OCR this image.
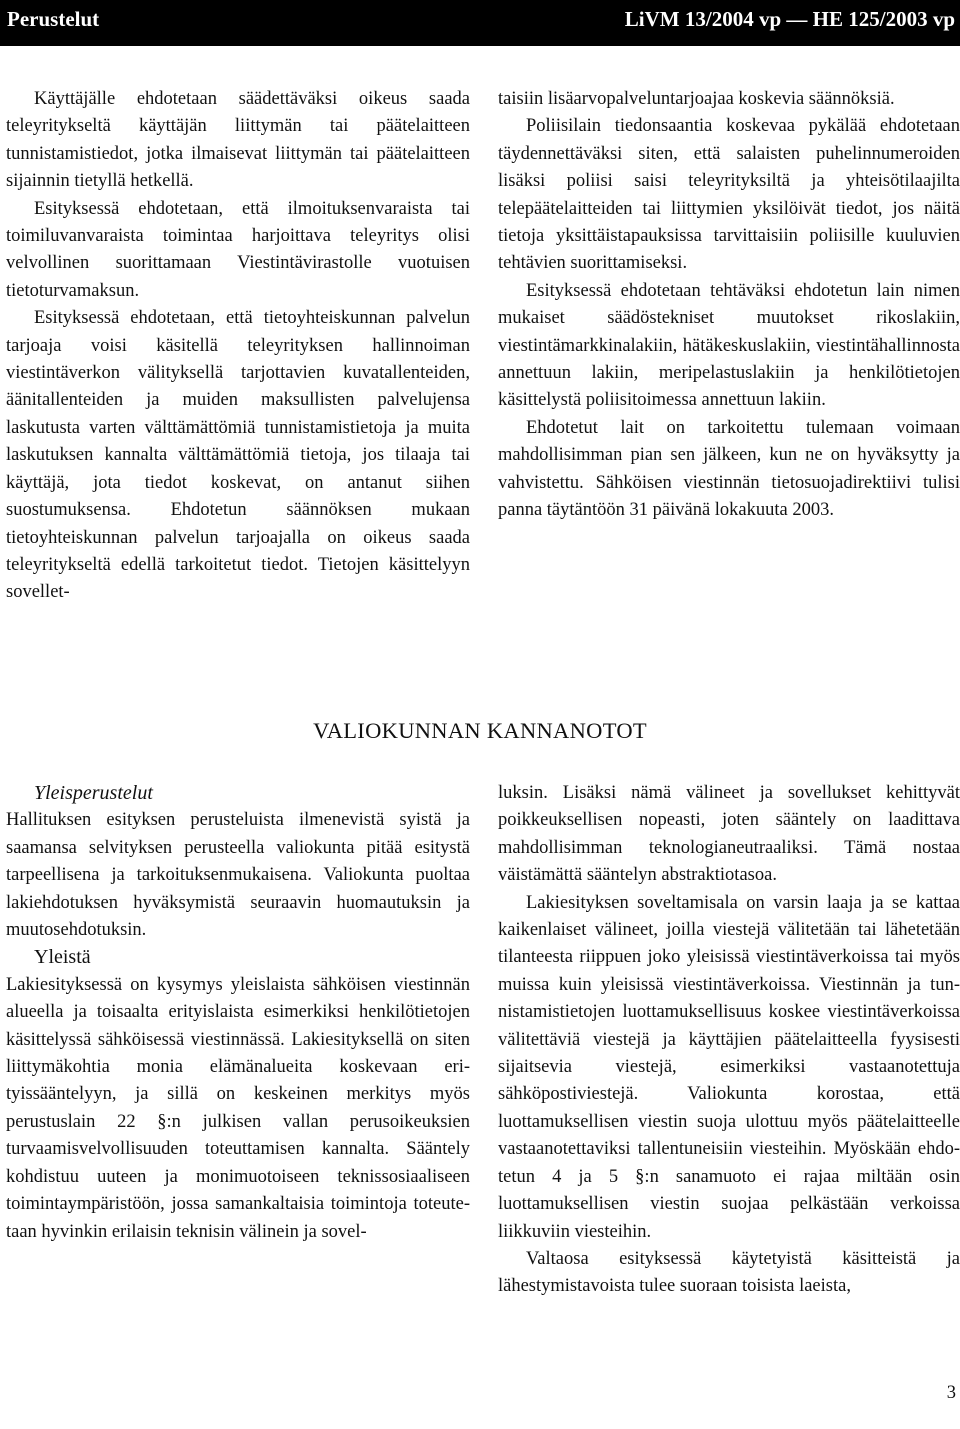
Perustelut	LiVM 13/2004 vp — HE 125/2003 vp

Käyttäjälle ehdotetaan säädettäväksi oikeus saada teleyritykseltä käyttäjän liittymän tai päätelaitteen tunnistamistiedot, jotka ilmaisevat liittymän tai päätelaitteen sijainnin tietyllä hetkellä.

Esityksessä ehdotetaan, että ilmoituksenvaraista tai toimiluvanvaraista toimintaa harjoittava teleyritys olisi velvollinen suorittamaan Viestintävirastolle vuotuisen tietoturvamaksun.

Esityksessä ehdotetaan, että tietoyhteiskunnan palvelun tarjoaja voisi käsitellä teleyrityksen hallinnoiman viestintäverkon välityksellä tarjottavien kuvatallenteiden, äänitallenteiden ja muiden maksullisten palvelujensa laskutusta varten välttämättömiä tunnistamistietoja ja muita laskutuksen kannalta välttämättömiä tietoja, jos tilaaja tai käyttäjä, jota tiedot koskevat, on antanut siihen suostumuksensa. Ehdotetun säännöksen mukaan tietoyhteiskunnan palvelun tarjoajalla on oikeus saada teleyritykseltä edellä tarkoitetut tiedot. Tietojen käsittelyyn sovellet-

taisiin lisäarvopalveluntarjoajaa koskevia säännöksiä.

Poliisilain tiedonsaantia koskevaa pykälää ehdotetaan täydennettäväksi siten, että salaisten puhelinnumeroiden lisäksi poliisi saisi teleyrityksiltä ja yhteisötilaajilta telepäätelaitteiden tai liittymien yksilöivät tiedot, jos näitä tietoja yksittäistapauksissa tarvittaisiin poliisille kuuluvien tehtävien suorittamiseksi.

Esityksessä ehdotetaan tehtäväksi ehdotetun lain nimen mukaiset säädöstekniset muutokset rikoslakiin, viestintämarkkinalakiin, hätäkeskuslakiin, viestintähallinnosta annettuun lakiin, meripelastuslakiin ja henkilötietojen käsittelystä poliisitoimessa annettuun lakiin.

Ehdotetut lait on tarkoitettu tulemaan voimaan mahdollisimman pian sen jälkeen, kun ne on hyväksytty ja vahvistettu. Sähköisen viestinnän tietosuojadirektiivi tulisi panna täytäntöön 31 päivänä lokakuuta 2003.

VALIOKUNNAN KANNANOTOT

Yleisperustelut

Hallituksen esityksen perusteluista ilmenevistä syistä ja saamansa selvityksen perusteella valiokunta pitää esitystä tarpeellisena ja tarkoituksenmukaisena. Valiokunta puoltaa lakiehdotuksen hyväksymistä seuraavin huomautuksin ja muutosehdotuksin.

Yleistä

Lakiesityksessä on kysymys yleislaista sähköisen viestinnän alueella ja toisaalta erityislaista esimerkiksi henkilötietojen käsittelyssä sähköisessä viestinnässä. Lakiesityksellä on siten liittymäkohtia monia elämänalueita koskevaan erityissääntelyyn, ja sillä on keskeinen merkitys myös perustuslain 22 §:n julkisen vallan perusoikeuksien turvaamisvelvollisuuden toteuttamisen kannalta. Sääntely kohdistuu uuteen ja monimuotoiseen teknissosiaaliseen toimintaympäristöön, jossa samankaltaisia toimintoja toteutetaan hyvinkin erilaisin teknisin välinein ja sovel-

luksin. Lisäksi nämä välineet ja sovellukset kehittyvät poikkeuksellisen nopeasti, joten sääntely on laadittava mahdollisimman teknologianeutraaliksi. Tämä nostaa väistämättä sääntelyn abstraktiotasoa.

Lakiesityksen soveltamisala on varsin laaja ja se kattaa kaikenlaiset välineet, joilla viestejä välitetään tai lähetetään tilanteesta riippuen joko yleisissä viestintäverkoissa tai myös muissa kuin yleisissä viestintäverkoissa. Viestinnän ja tunnistamistietojen luottamuksellisuus koskee viestintäverkoissa välitettäviä viestejä ja käyttäjien päätelaitteella fyysisesti sijaitsevia viestejä, esimerkiksi vastaanotettuja sähköpostiviestejä. Valiokunta korostaa, että luottamuksellisen viestin suoja ulottuu myös päätelaitteelle vastaanotettaviksi tallentuneisiin viesteihin. Myöskään ehdotetun 4 ja 5 §:n sanamuoto ei rajaa miltään osin luottamuksellisen viestin suojaa pelkästään verkoissa liikkuviin viesteihin.

Valtaosa esityksessä käytetyistä käsitteistä ja lähestymistavoista tulee suoraan toisista laeista,

3
